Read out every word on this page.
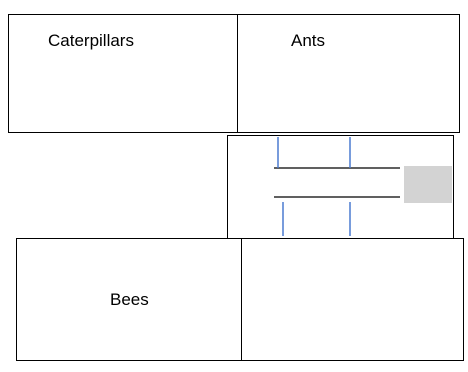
Caterpillars	Ants
Bees
